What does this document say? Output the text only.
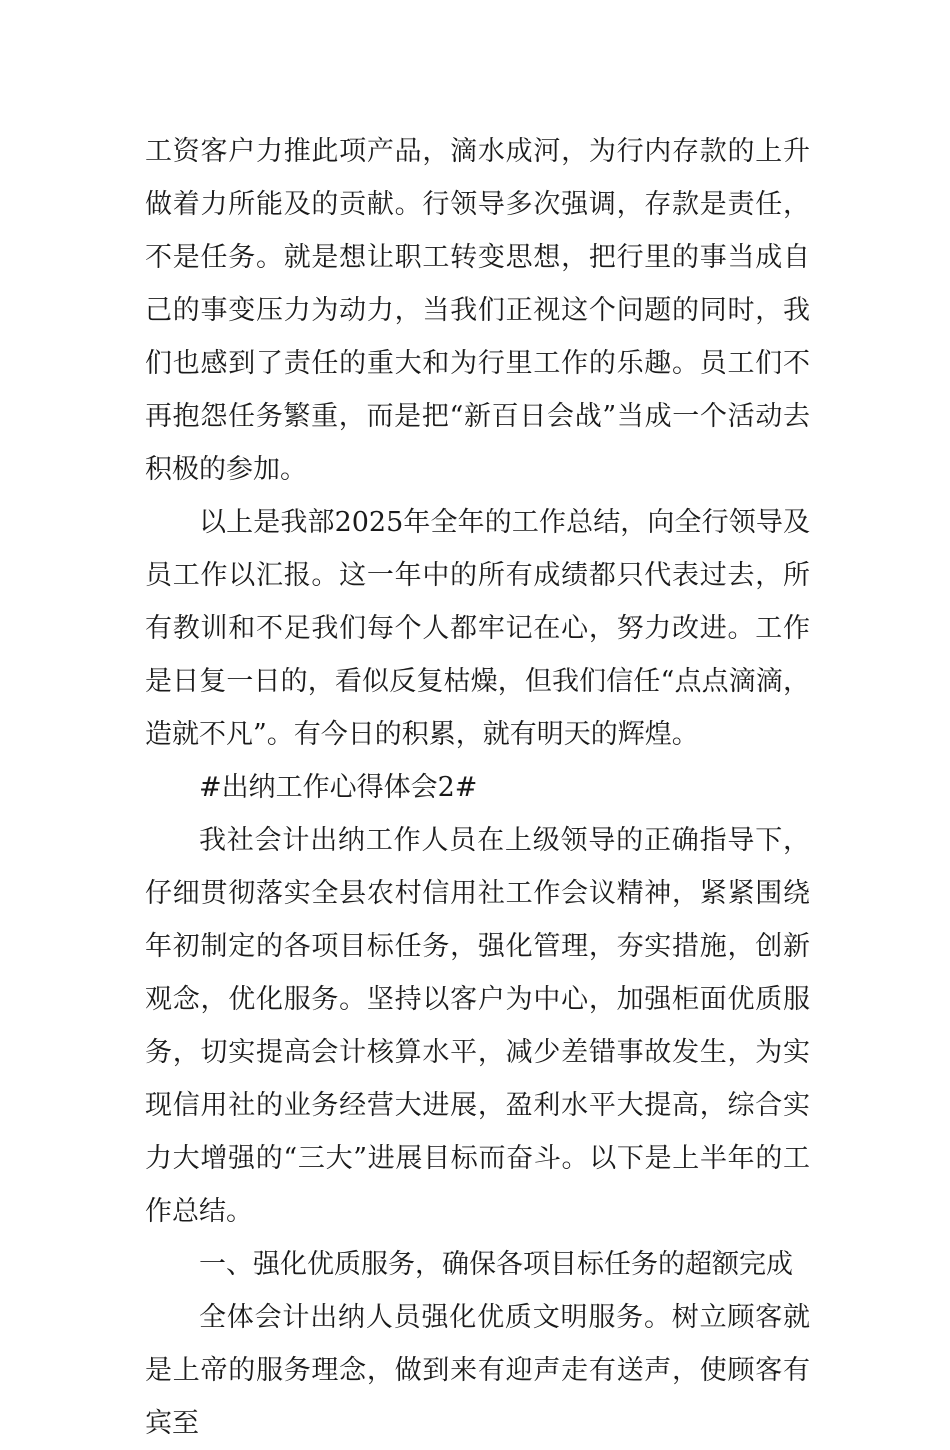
工资客户力推此项产品，滴水成河，为行内存款的上升做着力所能及的贡献。行领导多次强调，存款是责任，不是任务。就是想让职工转变思想，把行里的事当成自己的事变压力为动力，当我们正视这个问题的同时，我们也感到了责任的重大和为行里工作的乐趣。员工们不再抱怨任务繁重，而是把“新百日会战”当成一个活动去积极的参加。

以上是我部2025年全年的工作总结，向全行领导及员工作以汇报。这一年中的所有成绩都只代表过去，所有教训和不足我们每个人都牢记在心，努力改进。工作是日复一日的，看似反复枯燥，但我们信任“点点滴滴，造就不凡”。有今日的积累，就有明天的辉煌。

#出纳工作心得体会2#

我社会计出纳工作人员在上级领导的正确指导下，仔细贯彻落实全县农村信用社工作会议精神，紧紧围绕年初制定的各项目标任务，强化管理，夯实措施，创新观念，优化服务。坚持以客户为中心，加强柜面优质服务，切实提高会计核算水平，减少差错事故发生，为实现信用社的业务经营大进展，盈利水平大提高，综合实力大增强的“三大”进展目标而奋斗。以下是上半年的工作总结。

一、强化优质服务，确保各项目标任务的超额完成

全体会计出纳人员强化优质文明服务。树立顾客就是上帝的服务理念，做到来有迎声走有送声，使顾客有宾至
